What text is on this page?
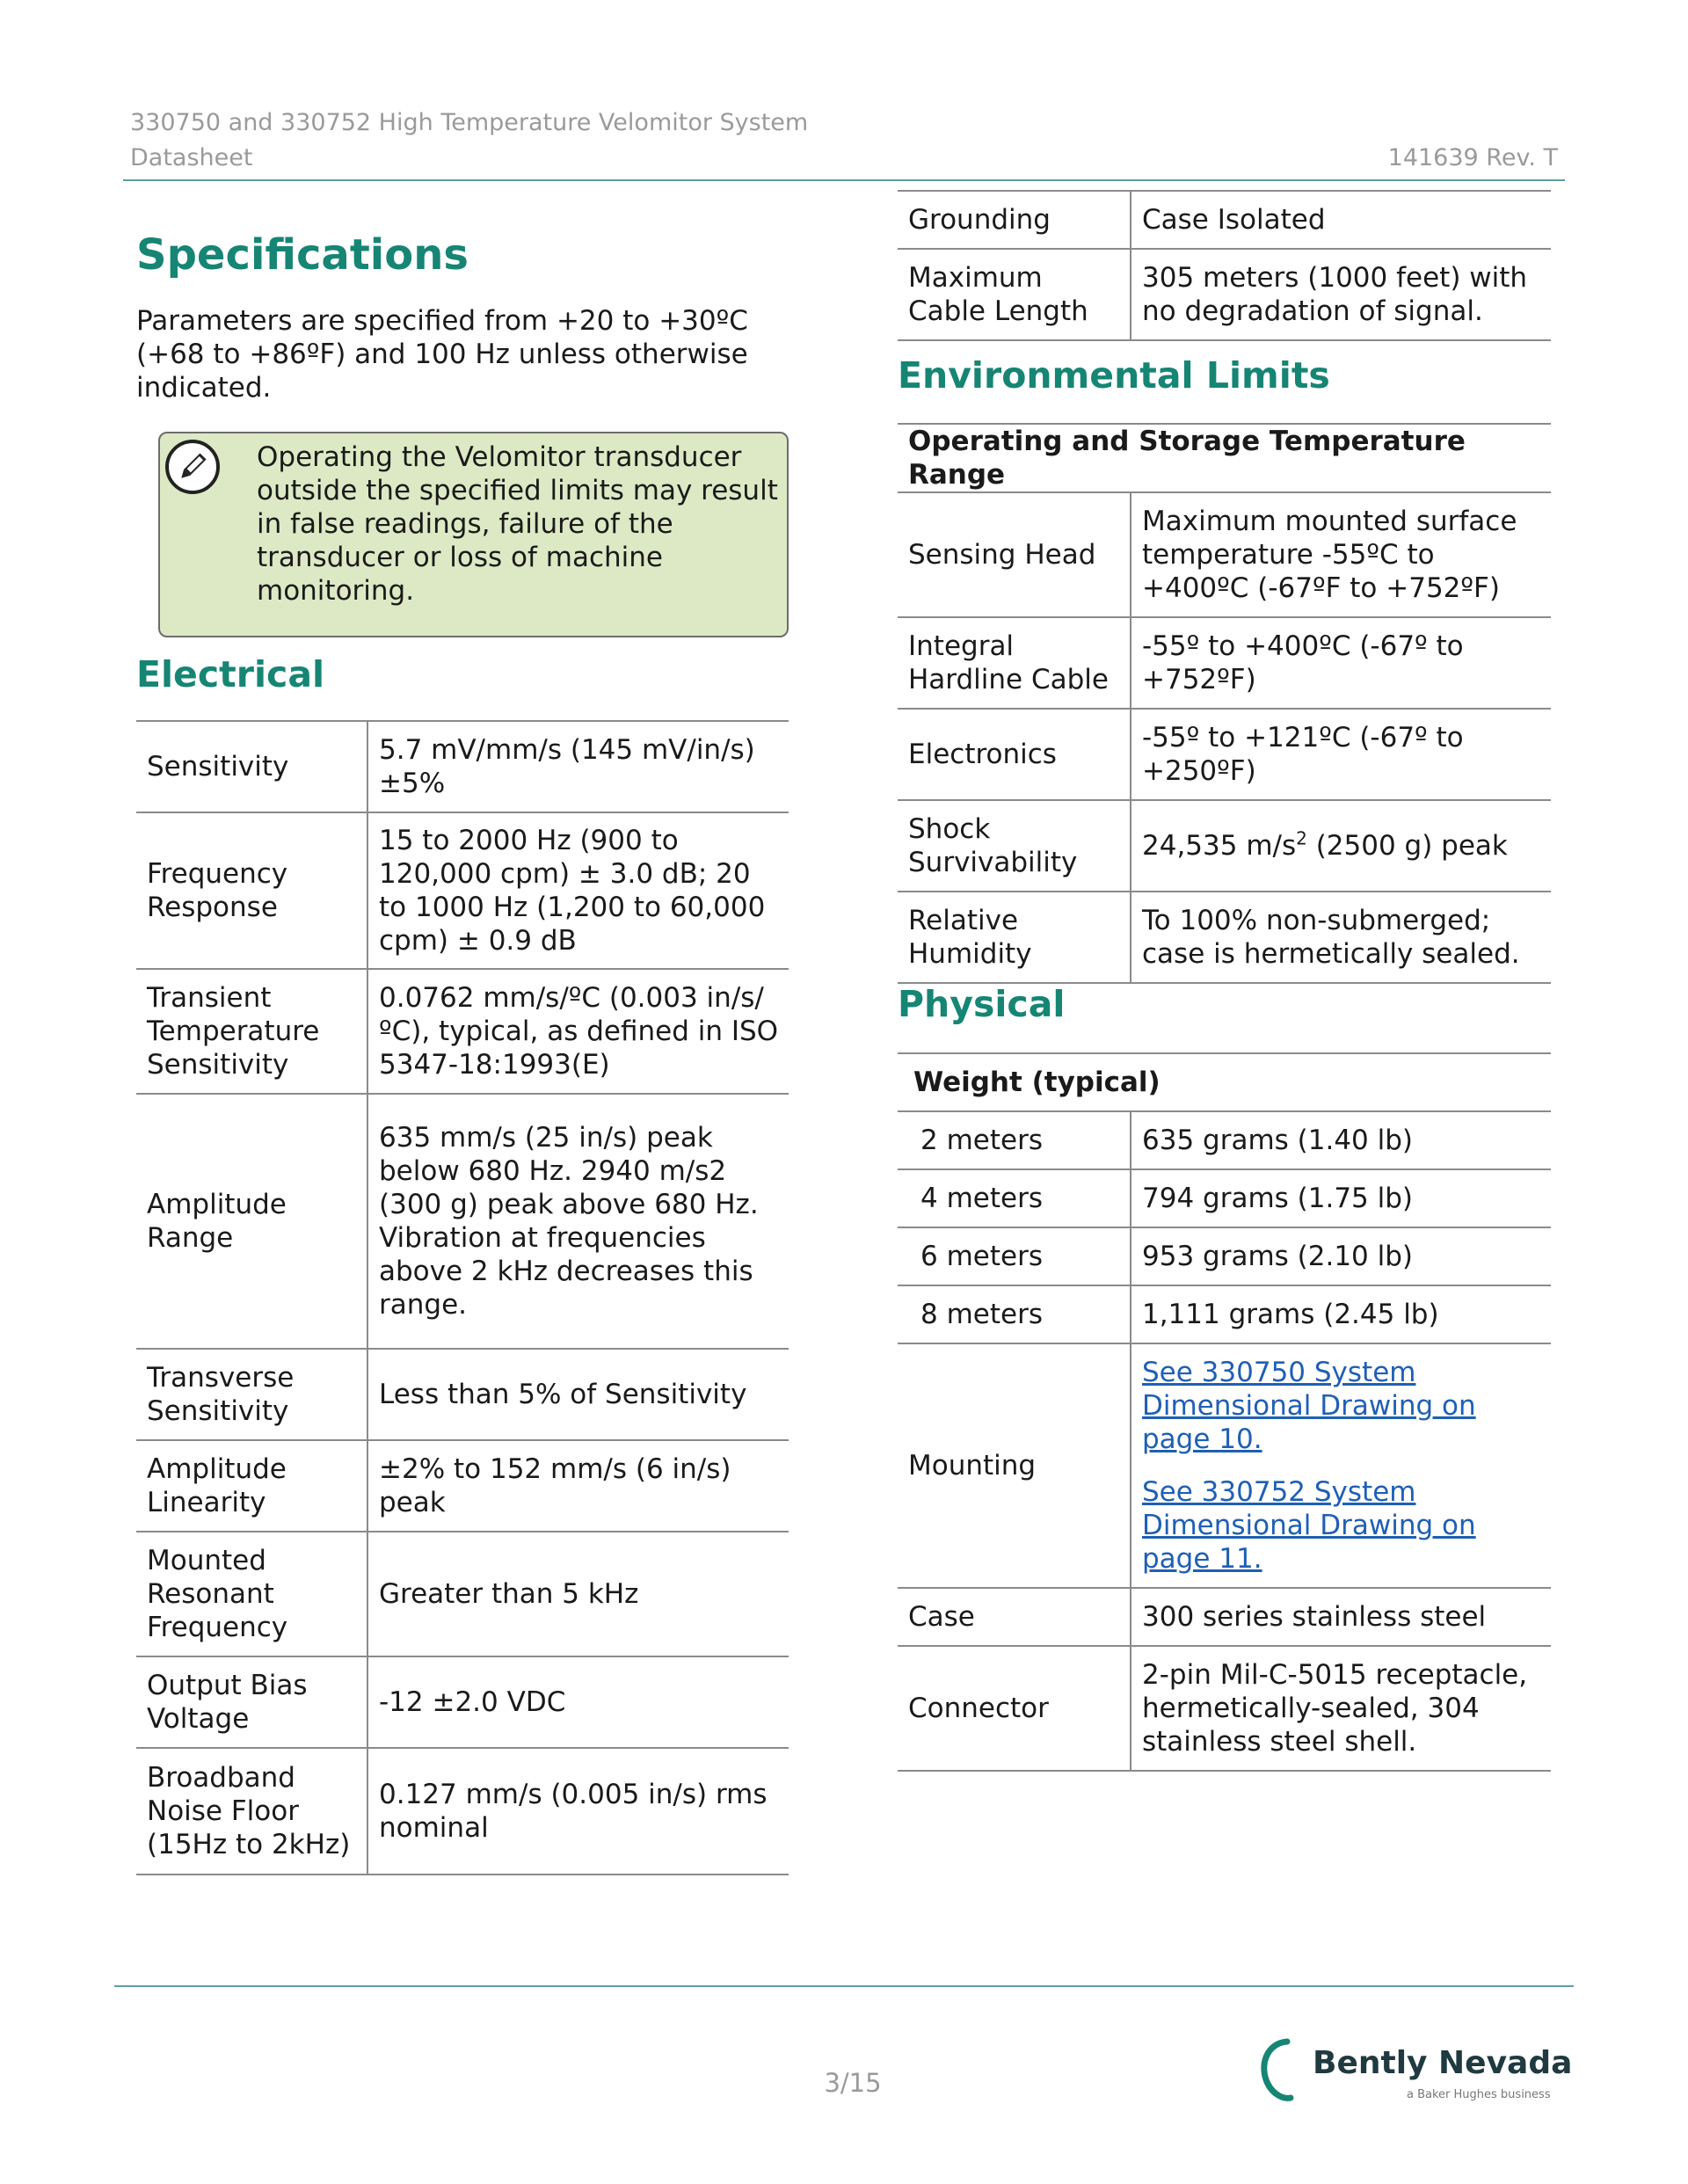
330750 and 330752 High Temperature Velomitor System
Datasheet	141639 Rev. T
Specifications
Parameters are specified from +20 to +30ºC (+68 to +86ºF) and 100 Hz unless otherwise indicated.
Operating the Velomitor transducer outside the specified limits may result in false readings, failure of the transducer or loss of machine monitoring.
Electrical
Sensitivity	5.7 mV/mm/s (145 mV/in/s) ±5%
Frequency Response	15 to 2000 Hz (900 to 120,000 cpm) ± 3.0 dB; 20 to 1000 Hz (1,200 to 60,000 cpm) ± 0.9 dB
Transient Temperature Sensitivity	0.0762 mm/s/ºC (0.003 in/s/ºC), typical, as defined in ISO 5347-18:1993(E)
Amplitude Range	635 mm/s (25 in/s) peak below 680 Hz. 2940 m/s2 (300 g) peak above 680 Hz. Vibration at frequencies above 2 kHz decreases this range.
Transverse Sensitivity	Less than 5% of Sensitivity
Amplitude Linearity	±2% to 152 mm/s (6 in/s) peak
Mounted Resonant Frequency	Greater than 5 kHz
Output Bias Voltage	-12 ±2.0 VDC
Broadband Noise Floor (15Hz to 2kHz)	0.127 mm/s (0.005 in/s) rms nominal
Grounding	Case Isolated
Maximum Cable Length	305 meters (1000 feet) with no degradation of signal.
Environmental Limits
Operating and Storage Temperature Range	
Sensing Head	Maximum mounted surface temperature -55ºC to +400ºC (-67ºF to +752ºF)
Integral Hardline Cable	-55º to +400ºC (-67º to +752ºF)
Electronics	-55º to +121ºC (-67º to +250ºF)
Shock Survivability	24,535 $m/s^2$ (2500 g) peak
Relative Humidity	To 100% non-submerged; case is hermetically sealed.
Physical
Weight (typical)	
2 meters	635 grams (1.40 lb)
4 meters	794 grams (1.75 lb)
6 meters	953 grams (2.10 lb)
8 meters	1,111 grams (2.45 lb)
Mounting	See 330750 System Dimensional Drawing on page 10.
See 330752 System Dimensional Drawing on page 11.

Case	300 series stainless steel
Connector	2-pin Mil-C-5015 receptacle, hermetically-sealed, 304 stainless steel shell.
3/15
Bently Nevada
a Baker Hughes business
